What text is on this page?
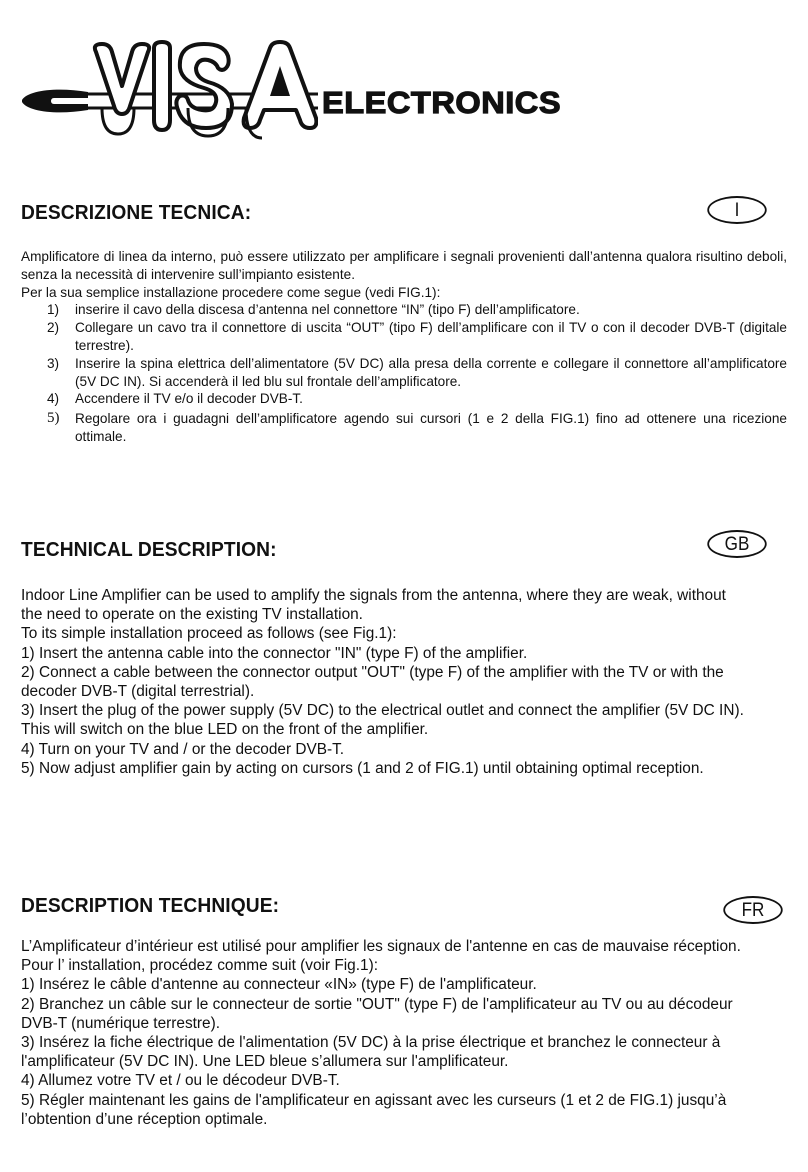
ELECTRONICS
DESCRIZIONE TECNICA:	I

Amplificatore di linea da interno, può essere utilizzato per amplificare i segnali provenienti dall’antenna qualora risultino deboli, senza la necessità di intervenire sull’impianto esistente.

Per la sua semplice installazione procedere come segue (vedi FIG.1):

1) inserire il cavo della discesa d’antenna nel connettore “IN” (tipo F) dell’amplificatore.
2) Collegare un cavo tra il connettore di uscita “OUT” (tipo F) dell’amplificare con il TV o con il decoder DVB-T (digitale terrestre).
3) Inserire la spina elettrica dell’alimentatore (5V DC) alla presa della corrente e collegare il connettore all’amplificatore (5V DC IN). Si accenderà il led blu sul frontale dell’amplificatore.
4) Accendere il TV e/o il decoder DVB-T.
5) Regolare ora i guadagni dell’amplificatore agendo sui cursori (1 e 2 della FIG.1) fino ad ottenere una ricezione ottimale.
TECHNICAL DESCRIPTION:	GB

Indoor Line Amplifier can be used to amplify the signals from the antenna, where they are weak, without

the need to operate on the existing TV installation.

To its simple installation proceed as follows (see Fig.1):

1) Insert the antenna cable into the connector "IN" (type F) of the amplifier.

2) Connect a cable between the connector output "OUT" (type F) of the amplifier with the TV or with the

decoder DVB-T (digital terrestrial).

3) Insert the plug of the power supply (5V DC) to the electrical outlet and connect the amplifier (5V DC IN).

This will switch on the blue LED on the front of the amplifier.

4) Turn on your TV and / or the decoder DVB-T.

5) Now adjust amplifier gain by acting on cursors (1 and 2 of FIG.1) until obtaining optimal reception.

DESCRIPTION TECHNIQUE:	FR

L’Amplificateur d’intérieur est utilisé pour amplifier les signaux de l'antenne en cas de mauvaise réception.

Pour l’ installation, procédez comme suit (voir Fig.1):

1) Insérez le câble d'antenne au connecteur «IN» (type F) de l'amplificateur.

2) Branchez un câble sur le connecteur de sortie "OUT" (type F) de l'amplificateur au TV ou au décodeur

DVB-T (numérique terrestre).

3) Insérez la fiche électrique de l'alimentation (5V DC) à la prise électrique et branchez le connecteur à

l'amplificateur (5V DC IN). Une LED bleue s’allumera sur l'amplificateur.

4) Allumez votre TV et / ou le décodeur DVB-T.

5) Régler maintenant les gains de l'amplificateur en agissant avec les curseurs (1 et 2 de FIG.1) jusqu’à

l’obtention d’une réception optimale.
